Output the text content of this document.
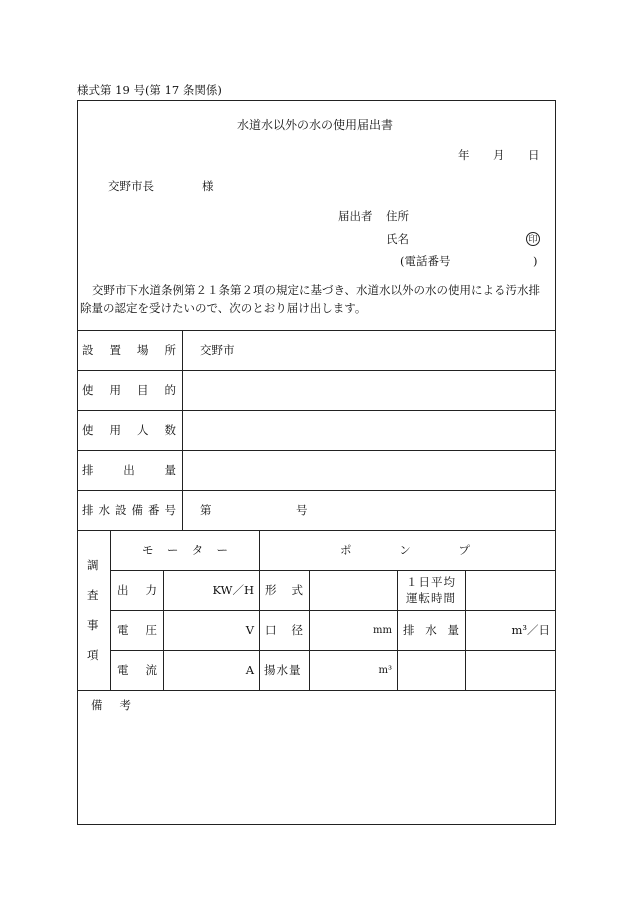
様式第 19 号(第 17 条関係)
水道水以外の水の使用届出書
年 月 日
交野市長	様
届出者 住所
氏名	印
(電話番号	)
交野市下水道条例第２１条第２項の規定に基づき、水道水以外の水の使用による汚水排
除量の認定を受けたいので、次のとおり届け出します。
設 置 場 所 交野市
使 用 目 的
使 用 人 数
排	出	量
排 水 設 備 番 号 第	号
調
査
事
項
モ ー タ ー	ポ	ン	プ
出 力	KW／H 形 式
１日平均
運転時間
電 圧	V 口 径	mm 排 水 量	m³／日
電 流	A 揚水量	m³
備 考
